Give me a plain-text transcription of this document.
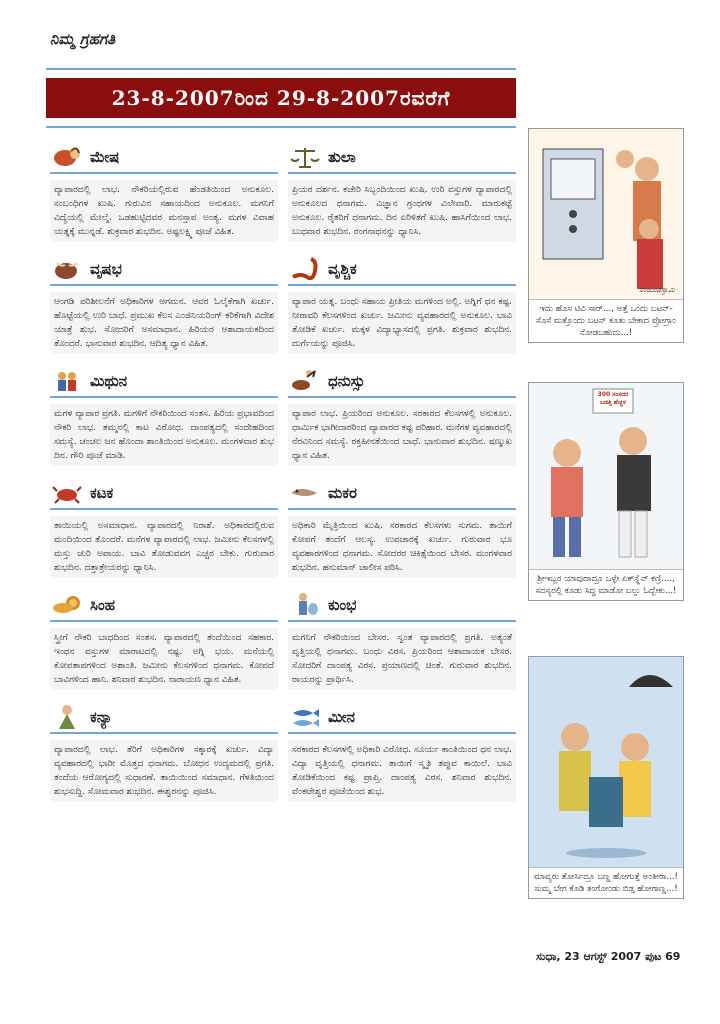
ನಿಮ್ಮ ಗ್ರಹಗತಿ
23-8-2007ರಿಂದ 29-8-2007ರವರೆಗೆ
ಮೇಷ
ವ್ಯಾಪಾರದಲ್ಲಿ ಲಾಭ. ನೌಕರಿಯಲ್ಲಿರುವ ಹೆಂಡತಿಯಿಂದ ಅನುಕೂಲ. ಸಂಬಂಧಿಗಳ ಖುಷಿ. ಗುರುವಿನ ಸಹಾಯದಿಂದ ಅನುಕೂಲ. ಮಗನಿಗೆ ವಿದ್ಯೆಯಲ್ಲಿ ಮೇಲ್ಮೆ. ಒಡಹುಟ್ಟಿದವರ ಮನಸ್ತಾಪ ಅಂತ್ಯ. ಮಗಳ ವಿವಾಹ ಯತ್ನಕ್ಕೆ ಮುನ್ನಡೆ. ಶುಕ್ರವಾರ ಶುಭದಿನ. ಅಷ್ಟಲಕ್ಷ್ಮಿ ಪೂಜೆ ವಿಹಿತ.
ವೃಷಭ
ಆಂಗಡಿ ಪರಿಶೀಲನೆಗೆ ಅಧಿಕಾರಿಗಳ ಆಗಮನ. ಆವರ ಓಲೈಕೆಗಾಗಿ ಖರ್ಚು. ಹೊಟ್ಟೆಯಲ್ಲಿ ಉರಿ ಬಾಧೆ. ಪ್ರಮುಖ ಕೆಲಸ ಎಂಜಿನಿಯರಿಂಗ್ ಕರಿಕೆಗಾಗಿ ವಿದೇಶ ಯಾತ್ರೆ ಶುಭ. ಸೋದರಿಗೆ ಅಸಮಾಧಾನ. ಹಿರಿಯರ ಆಶಾದಾಯಕದಿಂದ ತೊಂದರೆ. ಭಾನುವಾರ ಶುಭದಿನ. ಆದಿತ್ಯ ಧ್ಯಾನ ವಿಹಿತ.
ಮಿಥುನ
ಮಗಳ ವ್ಯಾಪಾರ ಪ್ರಗತಿ. ಮಗಳಿಗೆ ನೌಕರಿಯಿಂದ ಸಂತಸ. ಹಿರಿಯ ಪ್ರಭಾವದಿಂದ ನೌಕರಿ ಲಾಭ. ತಮ್ಮನಲ್ಲಿ ಕಾಟ ವಿರೋಧ. ದಾಂಪತ್ಯದಲ್ಲಿ ಸಂದೇಹದಿಂದ ಸಮಸ್ಯೆ. ಚಂಚಲ ಜನ ಹೊಂದಾ ಶಾಂತಿಯಿಂದ ಅನುಕೂಲ. ಮಂಗಳವಾರ ಶುಭ ದಿನ. ಗೌರಿ ಪೂಜೆ ಮಾಡಿ.
ಕಟಕ
ತಾಯಿಯಲ್ಲಿ ಅಸಮಾಧಾನ. ವ್ಯಾಪಾರದಲ್ಲಿ ನಿರಾಶೆ. ಅಧಿಕಾರದಲ್ಲಿರುವ ಮಂದಿಯಿಂದ ತೊಂದರೆ. ಮನೆಗಳ ವ್ಯಾಪಾರದಲ್ಲಿ ಲಾಭ. ಜಮೀನು ಕೆಲಸಗಳಲ್ಲಿ ಮಸ್ತು ಚುರಿ ಅಪಾಯ. ಬಾವಿ ತೋಡುವವಗ ಎಚ್ಚರ ಬೇಕು. ಗುರುವಾರ ಶುಭದಿನ. ದತ್ತಾತ್ರೇಯರನ್ನು ಧ್ಯಾನಿಸಿ.
ಸಿಂಹ
ಸ್ತ್ರೀಗೆ ನೌಕರಿ ಬಾಧದಿಂದ ಸಂತಸ. ವ್ಯಾಪಾರದಲ್ಲಿ ತಂದೆಯಿಂದ ಸಹಕಾರ. ಇಂಧನ ವಸ್ತುಗಳ ಮಾರಾಟದಲ್ಲಿ ನಷ್ಟ. ಅಗ್ನಿ ಭಯ. ಮನೆಯಲ್ಲಿ ಕೋಪತಾಪಗಳಿಂದ ಅಶಾಂತಿ. ಜಮೀನು ಕೆಲಸಗಳಿಂದ ಧನಾಗಮ. ಕೋಪದೆ ಬಾವಿಗಳಿಂದ ಹಾನಿ. ಶನಿವಾರ ಶುಭದಿನ. ನಾರಾಯಣ ಧ್ಯಾನ ವಿಹಿತ.
ಕನ್ಯಾ
ವ್ಯಾಪಾರದಲ್ಲಿ ಲಾಭ. ತೆರಿಗೆ ಅಧಿಕಾರಿಗಳ ಸಕ್ಕಾರಕ್ಕೆ ಖರ್ಚು. ವಿದ್ಯಾ ವ್ಯವಹಾರದಲ್ಲಿ ಭಾರೀ ಮೊತ್ತದ ಧನಾಗಮ. ಬೋಧನ ಉದ್ಯಮದಲ್ಲಿ ಪ್ರಗತಿ. ತಂದೆಯ ಆರೋಗ್ಯದಲ್ಲಿ ಸುಧಾರಣೆ. ತಾಯಿಯಿಂದ ಸಮಾಧಾನ. ಗೆಳತಿಯಿಂದ ಶುಭಸುದ್ದಿ. ಸೋಮವಾರ ಶುಭದಿನ. ಈಶ್ವರನನ್ನು ಪೂಜಿಸಿ.
ತುಲಾ
ಪ್ರಿಯರ ದರ್ಶನ. ಕಚೇರಿ ಸಿಬ್ಬಂದಿಯಿಂದ ಖುಷಿ. ಉರಿ ವಸ್ತುಗಳ ವ್ಯಾಪಾರದಲ್ಲಿ ಅನುಕೂಲದ ಧನಾಗಮ. ವಿಜ್ಞಾನ ಗ್ರಂಥಗಳ ವಿಲೇವಾರಿ. ಮಾರುಕಟ್ಟೆ ಅನುಕೂಲ. ರೈತರಿಗೆ ಧನಾಗಮ. ದಿನ ಏರಿಳಿತಗೆ ಖುಷಿ. ಹಾಸಿಗೆಯಿಂದ ಲಾಭ. ಬುಧವಾರ ಶುಭದಿನ. ರಂಗನಾಥನನ್ನು ಧ್ಯಾನಿಸಿ.
ವೃಶ್ಚಿಕ
ವ್ಯಾಪಾರ ಯತ್ನ. ಬಂಧು ಸಹಾಯ ಪ್ರೀತಿಯ ಮಗಳಿಂದ ಅಲ್ಲಿ. ಅಗ್ನಿಗೆ ಧನ ಕಷ್ಟ. ನೀರಾವರಿ ಕೆಲಸಗಳಿಂದ ಖರ್ಚು. ಜಮೀನು ವ್ಯವಹಾರದಲ್ಲಿ ಅನುಕೂಲ. ಬಾವಿ ತೋಡಿಕೆ ಖರ್ಚು. ಮಕ್ಕಳ ವಿದ್ಯಾಭ್ಯಾಸದಲ್ಲಿ ಪ್ರಗತಿ. ಶುಕ್ರವಾರ ಶುಭದಿನ. ದುರ್ಗೆಯನ್ನು ಪೂಜಿಸಿ.
ಧನುಸ್ಸು
ವ್ಯಾಪಾರ ಲಾಭ. ಪ್ರಿಯರಿಂದ ಅನುಕೂಲ. ಸರಕಾರದ ಕೆಲಸಗಳಲ್ಲಿ ಅನುಕೂಲ. ಧಾರ್ಮಿಕ ಭಾಗೀದಾರರಿಂದ ವ್ಯಾಪಾರದ ಕಷ್ಟ ಪರಿಹಾರ. ಮನೆಗಳ ವ್ಯವಹಾರದಲ್ಲಿ ನೆರವಿನಿಂದ ಸಮಸ್ಯೆ. ರಕ್ತಹೀನತೆಯಿಂದ ಬಾಧೆ. ಭಾನುವಾರ ಶುಭದಿನ. ಷಣ್ಮುಖ ಧ್ಯಾನ ವಿಹಿತ.
ಮಕರ
ಅಧಿಕಾರಿ ಮೈತ್ರಿಯಿಂದ ಖುಷಿ. ಸರಕಾರದ ಕೆಲಸಗಳು ಸುಗಮ. ತಾಯಿಗೆ ಕೋಪಗೆ ತಂದೆಗೆ ಆಲಸ್ಯ. ಉಪಚಾರಕ್ಕೆ ಖರ್ಚು. ಗುರುವಾರ ಭೂ ವ್ಯವಹಾರಗಳಿಂದ ಧನಾಗಮ. ಸೋದರರ ಚಿಕಿತ್ಸೆಯಿಂದ ಬೇಸರ. ಮಂಗಳವಾರ ಶುಭದಿನ. ಹನುಮಾನ್ ಚಾಲೀಸ ಪಠಿಸಿ.
ಕುಂಭ
ಮಗನಿಗೆ ನೌಕರಿಯಿಂದ ಬೇಸರ. ಸ್ವಂತ ವ್ಯಾಪಾರದಲ್ಲಿ ಪ್ರಗತಿ. ಅತ್ಯಂತೆ ವೃತ್ತಿಯಲ್ಲಿ ಧನಾಗಮ. ಬಂಧು ವಿರಸ. ಪ್ರಿಯರಿಂದ ಆಶಾದಾಯಕ ಬೇಸರ. ಸೋದರಿಗೆ ದಾಂಪತ್ಯ ವಿರಸ. ಪ್ರಯಾಣದಲ್ಲಿ ಚಿಂತೆ. ಗುರುವಾರ ಶುಭದಿನ. ರಾಯರನ್ನು ಪ್ರಾರ್ಥಿಸಿ.
ಮೀನ
ಸರಕಾರದ ಕೆಲಸಗಳಲ್ಲಿ ಅಧಿಕಾರಿ ವಿರೋಧ. ಸೂರ್ಯ ಕಾಂತಿಯಿಂದ ಧನ ಲಾಭ. ವಿದ್ಯಾ ವೃತ್ತಿಯಲ್ಲಿ ಧನಾಗಮ. ತಾಯಿಗೆ ಸ್ಮೃತಿ ತಪ್ಪುವ ಕಾಯಿಲೆ. ಬಾವಿ ತೋಡಿಕೆಯಿಂದ ಕಷ್ಟ ಪ್ರಾಪ್ತಿ. ದಾಂಪತ್ಯ ವಿರಸ. ಶನಿವಾರ ಶುಭದಿನ. ವೆಂಕಟೇಶ್ವರ ಪೂಜೆಯಿಂದ ಶುಭ.
ನಂಜುಂಡಸ್ವಾಮಿ
ಇದು ಹೊಸ ಟಿವಿ ಸಾರ್..., ಅತ್ತೆ ಒಂದು ಬಟನ್- ಸೊಸೆ ಮತ್ತೊಂದು ಬಟನ್ ಕೂತು ಬೇಕಾದ ಪ್ರೋಗ್ರಾಂ ನೋಡಬಹುದು...!
300 ಸಂಸದರ ಬಡತ್ತಿ ಹೆಚ್ಚಳ
ಶ್ರೀಇಬ್ಬರ ಯಾವುದಾದ್ರೂ ಒಳ್ಳೇ ಏಕ್‌ಸ್ಪ್ಲೆನ್ ಕಣ್ರಿ...., ಸದಸ್ಯರಲ್ಲಿ ಕೂಡು ಸಿದ್ಧ ಮಾಡೋ ಬಲ್ಲು ಓದ್ಬೇಕು...!
ಮಾವ್ಯರು ತೋರ್ಸಿದ್ರೂ ಬಣ್ಣ ಹೋಗುತ್ತೆ ಅಂತೀರಾ...! ಸುಮ್ಮ ಬೇಗ ಕೊಡಿ ತಂಗೋಂಡು ಬಿಡ್ತ ಹೋಗಾಣ್ಣ...!
ಸುಧಾ, 23 ಆಗಸ್ಟ್ 2007 ಪುಟ 69
